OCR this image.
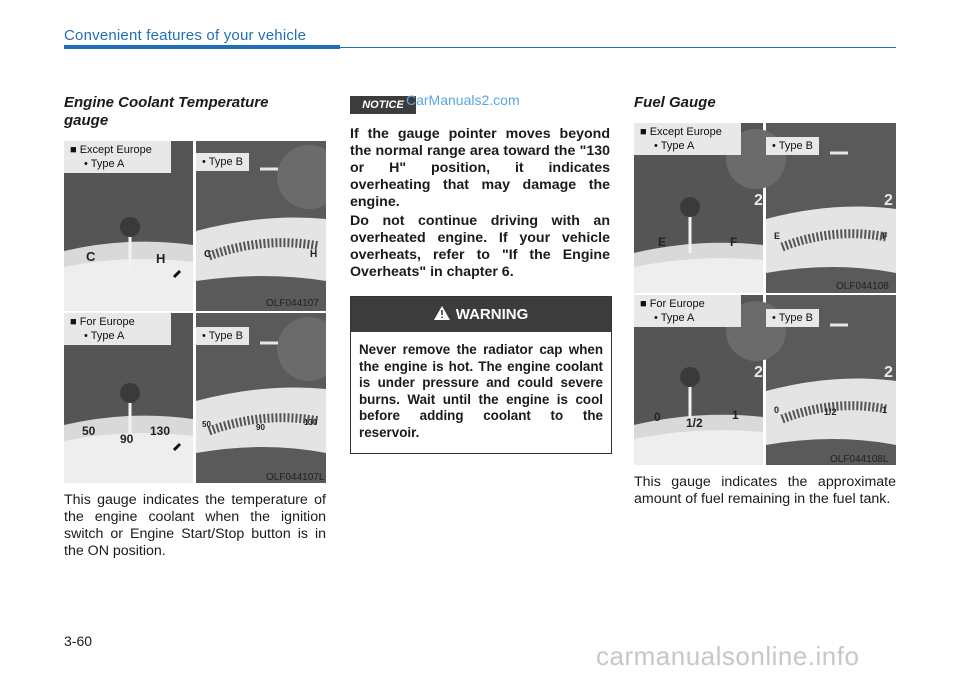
Convenient features of your vehicle
Engine Coolant Temperature gauge
C	H	C	H
■ Except Europe
• Type A	• Type B
OLF044107
50
90
130	50	90
130
■ For Europe
• Type A	• Type B
OLF044107L
This gauge indicates the temperature of the engine coolant when the ignition switch or Engine Start/Stop button is in the ON position.
NOTICE CarManuals2.com
If the gauge pointer moves beyond the normal range area toward the "130 or H" position, it indicates overheating that may damage the engine.
Do not continue driving with an overheated engine. If your vehicle overheats, refer to "If the Engine Overheats" in chapter 6.
WARNING
Never remove the radiator cap when the engine is hot. The engine coolant is under pressure and could severe burns. Wait until the engine is cool before adding coolant to the reservoir.
Fuel Gauge
E	F
2
E	F
2
■ Except Europe
• Type A	• Type B
OLF044108
0 1/2
1
2
0	1/2	1
2
■ For Europe
• Type A	• Type B
OLF044108L
This gauge indicates the approximate amount of fuel remaining in the fuel tank.
3-60	carmanualsonline.info
